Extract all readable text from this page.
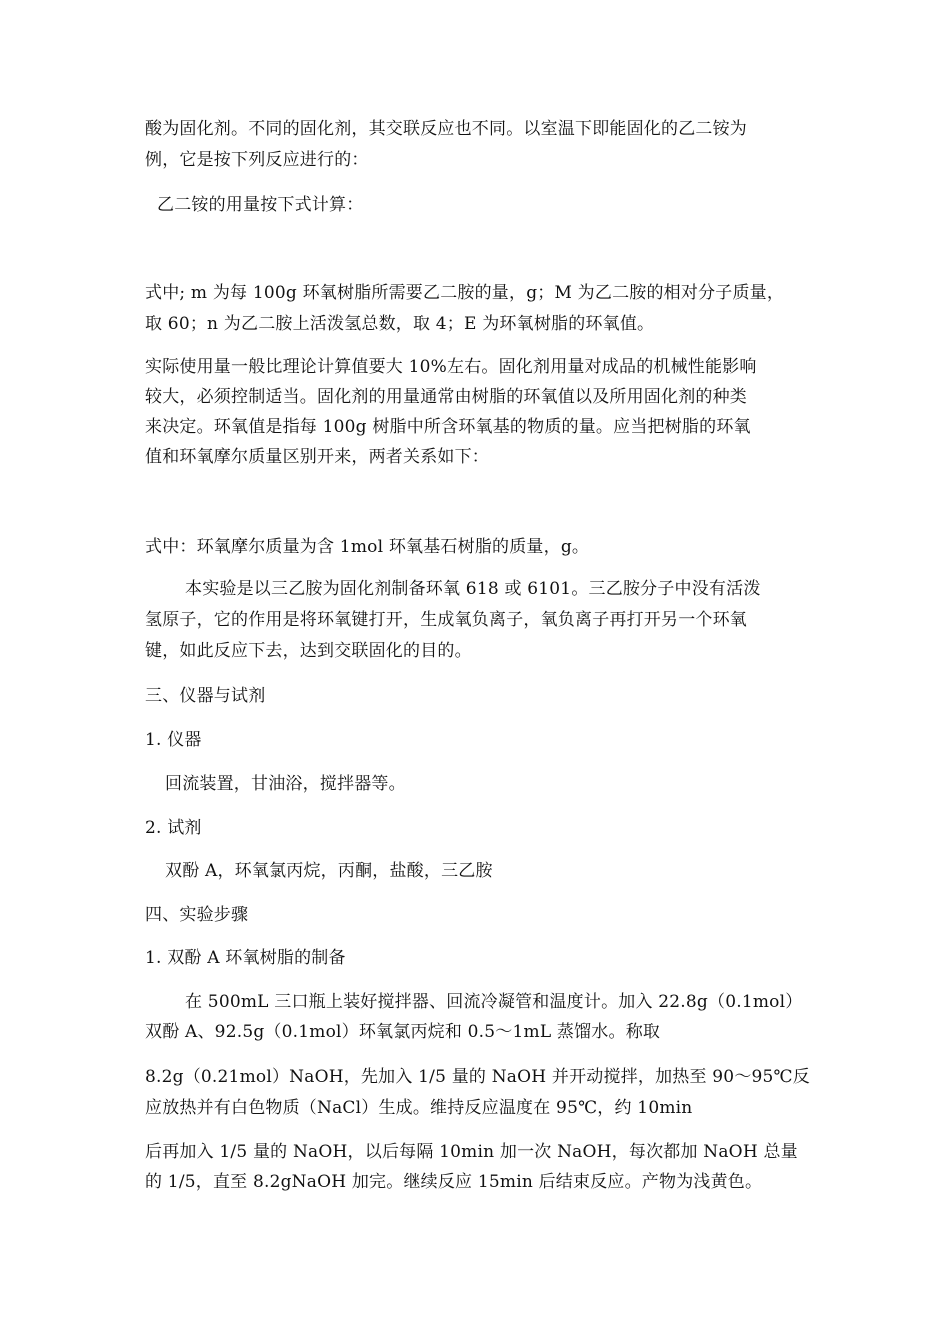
酸为固化剂。不同的固化剂，其交联反应也不同。以室温下即能固化的乙二铵为
例，它是按下列反应进行的：
乙二铵的用量按下式计算：
式中; m 为每 100g 环氧树脂所需要乙二胺的量，g；M 为乙二胺的相对分子质量，
取 60；n 为乙二胺上活泼氢总数，取 4；E 为环氧树脂的环氧值。
实际使用量一般比理论计算值要大 10%左右。固化剂用量对成品的机械性能影响
较大，必须控制适当。固化剂的用量通常由树脂的环氧值以及所用固化剂的种类
来决定。环氧值是指每 100g 树脂中所含环氧基的物质的量。应当把树脂的环氧
值和环氧摩尔质量区别开来，两者关系如下：
式中：环氧摩尔质量为含 1mol 环氧基石树脂的质量，g。
本实验是以三乙胺为固化剂制备环氧 618 或 6101。三乙胺分子中没有活泼
氢原子，它的作用是将环氧键打开，生成氧负离子，氧负离子再打开另一个环氧
键，如此反应下去，达到交联固化的目的。
三、仪器与试剂
1. 仪器
回流装置，甘油浴，搅拌器等。
2. 试剂
双酚 A，环氧氯丙烷，丙酮，盐酸，三乙胺
四、实验步骤
1. 双酚 A 环氧树脂的制备
在 500mL 三口瓶上装好搅拌器、回流冷凝管和温度计。加入 22.8g（0.1mol）
双酚 A、92.5g（0.1mol）环氧氯丙烷和 0.5～1mL 蒸馏水。称取
8.2g（0.21mol）NaOH，先加入 1/5 量的 NaOH 并开动搅拌，加热至 90～95℃反
应放热并有白色物质（NaCl）生成。维持反应温度在 95℃，约 10min
后再加入 1/5 量的 NaOH，以后每隔 10min 加一次 NaOH，每次都加 NaOH 总量
的 1/5，直至 8.2gNaOH 加完。继续反应 15min 后结束反应。产物为浅黄色。
